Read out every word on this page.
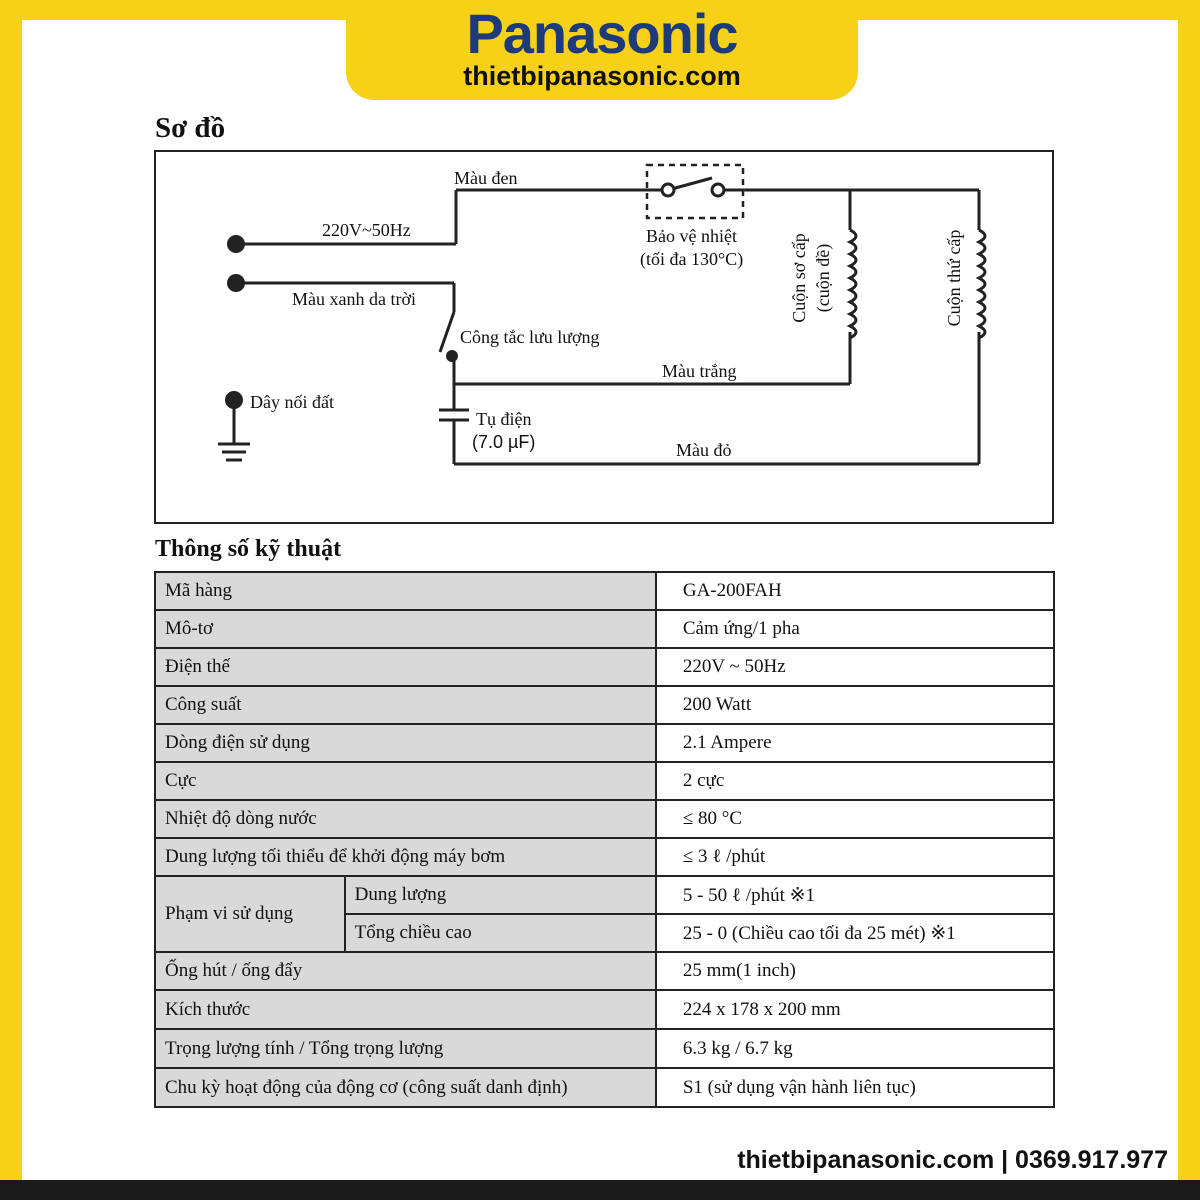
Panasonic
thietbipanasonic.com
Sơ đồ
Màu đen
220V~50Hz
Màu xanh da trời
Bảo vệ nhiệt
(tối đa 130°C)
Công tắc lưu lượng
Màu trắng
Dây nối đất
Tụ điện
(7.0 µF)	Màu đỏ
Cuộn sơ cấp (cuộn đề)	Cuộn thứ cấp
Thông số kỹ thuật
Mã hàng		GA-200FAH
Mô-tơ		Cảm ứng/1 pha
Điện thế		220V ~ 50Hz
Công suất		200 Watt
Dòng điện sử dụng		2.1 Ampere
Cực		2 cực
Nhiệt độ dòng nước		≤ 80 °C
Dung lượng tối thiểu để khởi động máy bơm		≤ 3 ℓ /phút
Phạm vi sử dụng	Dung lượng	5 - 50 ℓ /phút ※1
	Tổng chiều cao	25 - 0 (Chiều cao tối đa 25 mét) ※1
Ống hút / ống đẩy		25 mm(1 inch)
Kích thước		224 x 178 x 200 mm
Trọng lượng tính / Tổng trọng lượng		6.3 kg / 6.7 kg
Chu kỳ hoạt động của động cơ (công suất danh định)		S1 (sử dụng vận hành liên tục)
thietbipanasonic.com | 0369.917.977
